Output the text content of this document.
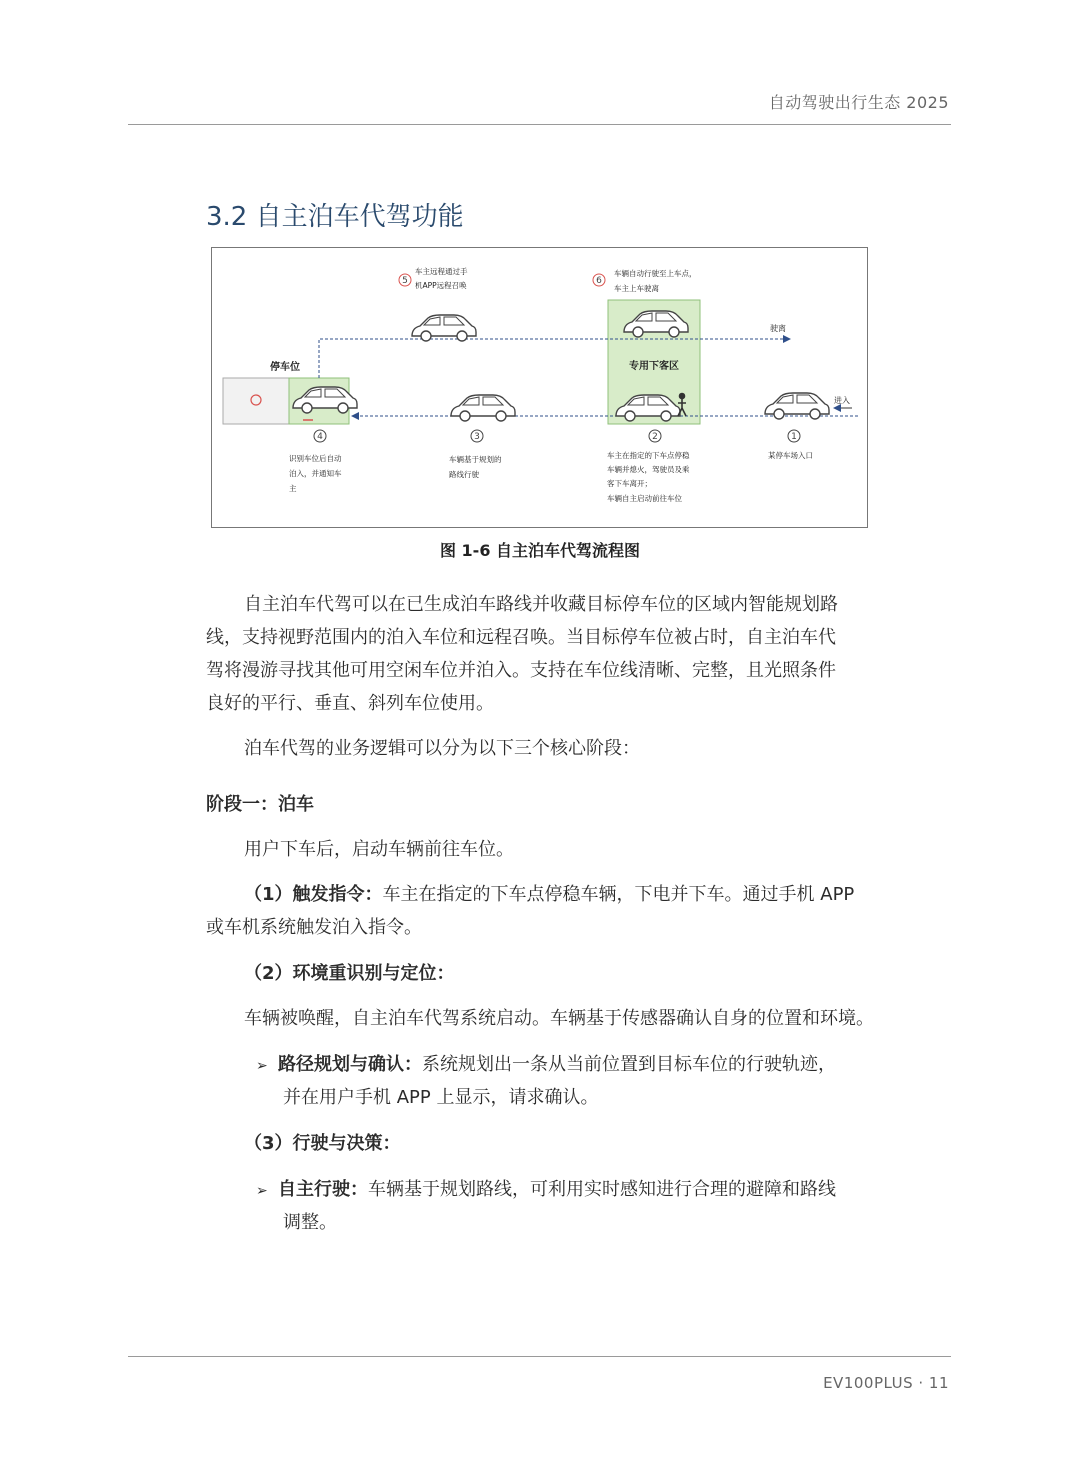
自动驾驶出行生态 2025
3.2 自主泊车代驾功能
停车位	专用下客区
驶离
进入
5	6
4	3	2	1
车主远程通过手
机APP远程召唤
车辆自动行驶至上车点，
车主上车驶离
识别车位后自动
泊入，并通知车
主
车辆基于规划的
路线行驶
车主在指定的下车点停稳
车辆并熄火，驾驶员及乘
客下车离开；
车辆自主启动前往车位
某停车场入口
图 1-6 自主泊车代驾流程图
自主泊车代驾可以在已生成泊车路线并收藏目标停车位的区域内智能规划路
线，支持视野范围内的泊入车位和远程召唤。当目标停车位被占时，自主泊车代
驾将漫游寻找其他可用空闲车位并泊入。支持在车位线清晰、完整，且光照条件
良好的平行、垂直、斜列车位使用。
泊车代驾的业务逻辑可以分为以下三个核心阶段：
阶段一：泊车
用户下车后，启动车辆前往车位。
（1）触发指令：车主在指定的下车点停稳车辆，下电并下车。通过手机 APP
或车机系统触发泊入指令。
（2）环境重识别与定位：
车辆被唤醒，自主泊车代驾系统启动。车辆基于传感器确认自身的位置和环境。
➢ 路径规划与确认：系统规划出一条从当前位置到目标车位的行驶轨迹，
并在用户手机 APP 上显示，请求确认。
（3）行驶与决策：
➢ 自主行驶：车辆基于规划路线，可利用实时感知进行合理的避障和路线
调整。
EV100PLUS · 11
